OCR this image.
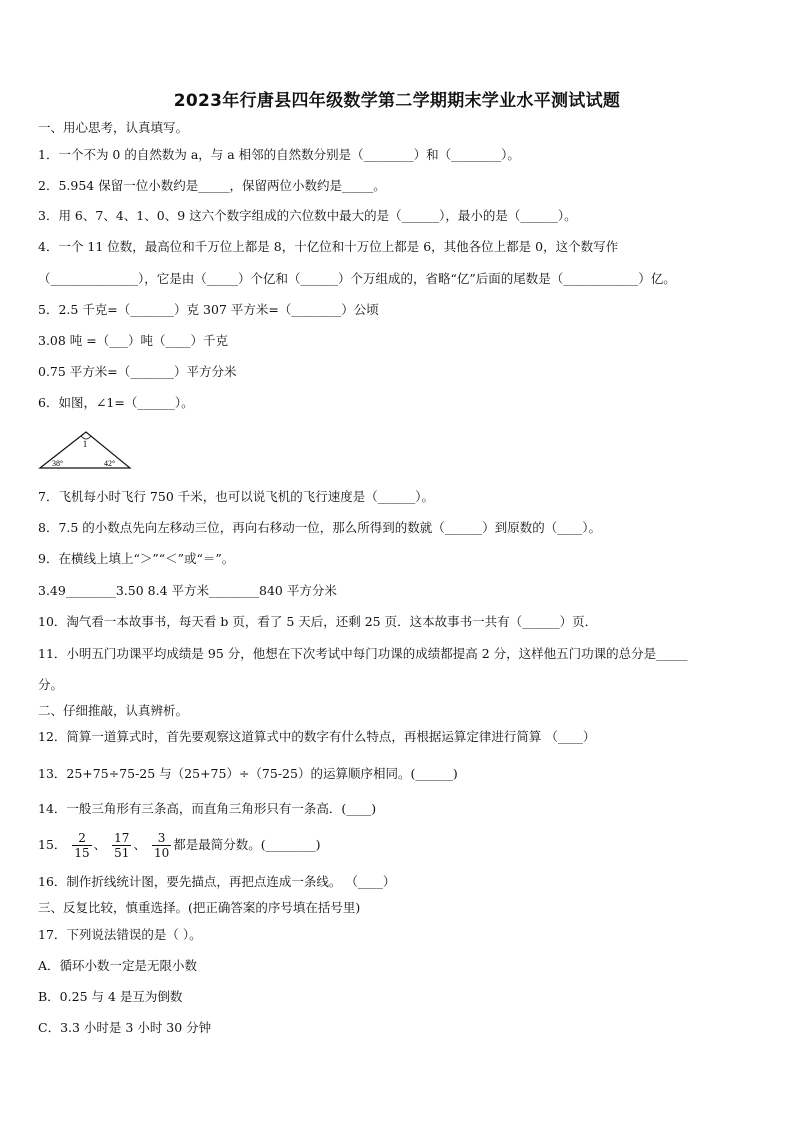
2023年行唐县四年级数学第二学期期末学业水平测试试题
一、用心思考，认真填写。
1．一个不为 0 的自然数为 a，与 a 相邻的自然数分别是（________）和（________）。
2．5.954 保留一位小数约是_____，保留两位小数约是_____。
3．用 6、7、4、1、0、9 这六个数字组成的六位数中最大的是（______），最小的是（______）。
4．一个 11 位数，最高位和千万位上都是 8，十亿位和十万位上都是 6，其他各位上都是 0，这个数写作
（______________），它是由（_____）个亿和（______）个万组成的，省略“亿”后面的尾数是（____________）亿。
5．2.5 千克=（_______）克 307 平方米=（________）公顷
3.08 吨 =（___）吨（____）千克
0.75 平方米=（_______）平方分米
6．如图，∠1=（______）。
1
38°	42°
7．飞机每小时飞行 750 千米，也可以说飞机的飞行速度是（______）。
8．7.5 的小数点先向左移动三位，再向右移动一位，那么所得到的数就（______）到原数的（____）。
9．在横线上填上“＞”“＜”或“＝”。
3.49________3.50 8.4 平方米________840 平方分米
10．淘气看一本故事书，每天看 b 页，看了 5 天后，还剩 25 页．这本故事书一共有（______）页．
11．小明五门功课平均成绩是 95 分，他想在下次考试中每门功课的成绩都提高 2 分，这样他五门功课的总分是_____
分。
二、仔细推敲，认真辨析。
12．简算一道算式时，首先要观察这道算式中的数字有什么特点，再根据运算定律进行简算 （____）
13．25+75÷75-25 与（25+75）÷（75-25）的运算顺序相同。(______)
14．一般三角形有三条高，而直角三角形只有一条高．(____)
15． $\frac{2}{15}$ 、 $\frac{17}{51}$ 、 $\frac{3}{10}$ 都是最简分数。(________)
16．制作折线统计图，要先描点，再把点连成一条线。 （____）
三、反复比较，慎重选择。(把正确答案的序号填在括号里)
17．下列说法错误的是（ ）。
A．循环小数一定是无限小数
B．0.25 与 4 是互为倒数
C．3.3 小时是 3 小时 30 分钟
